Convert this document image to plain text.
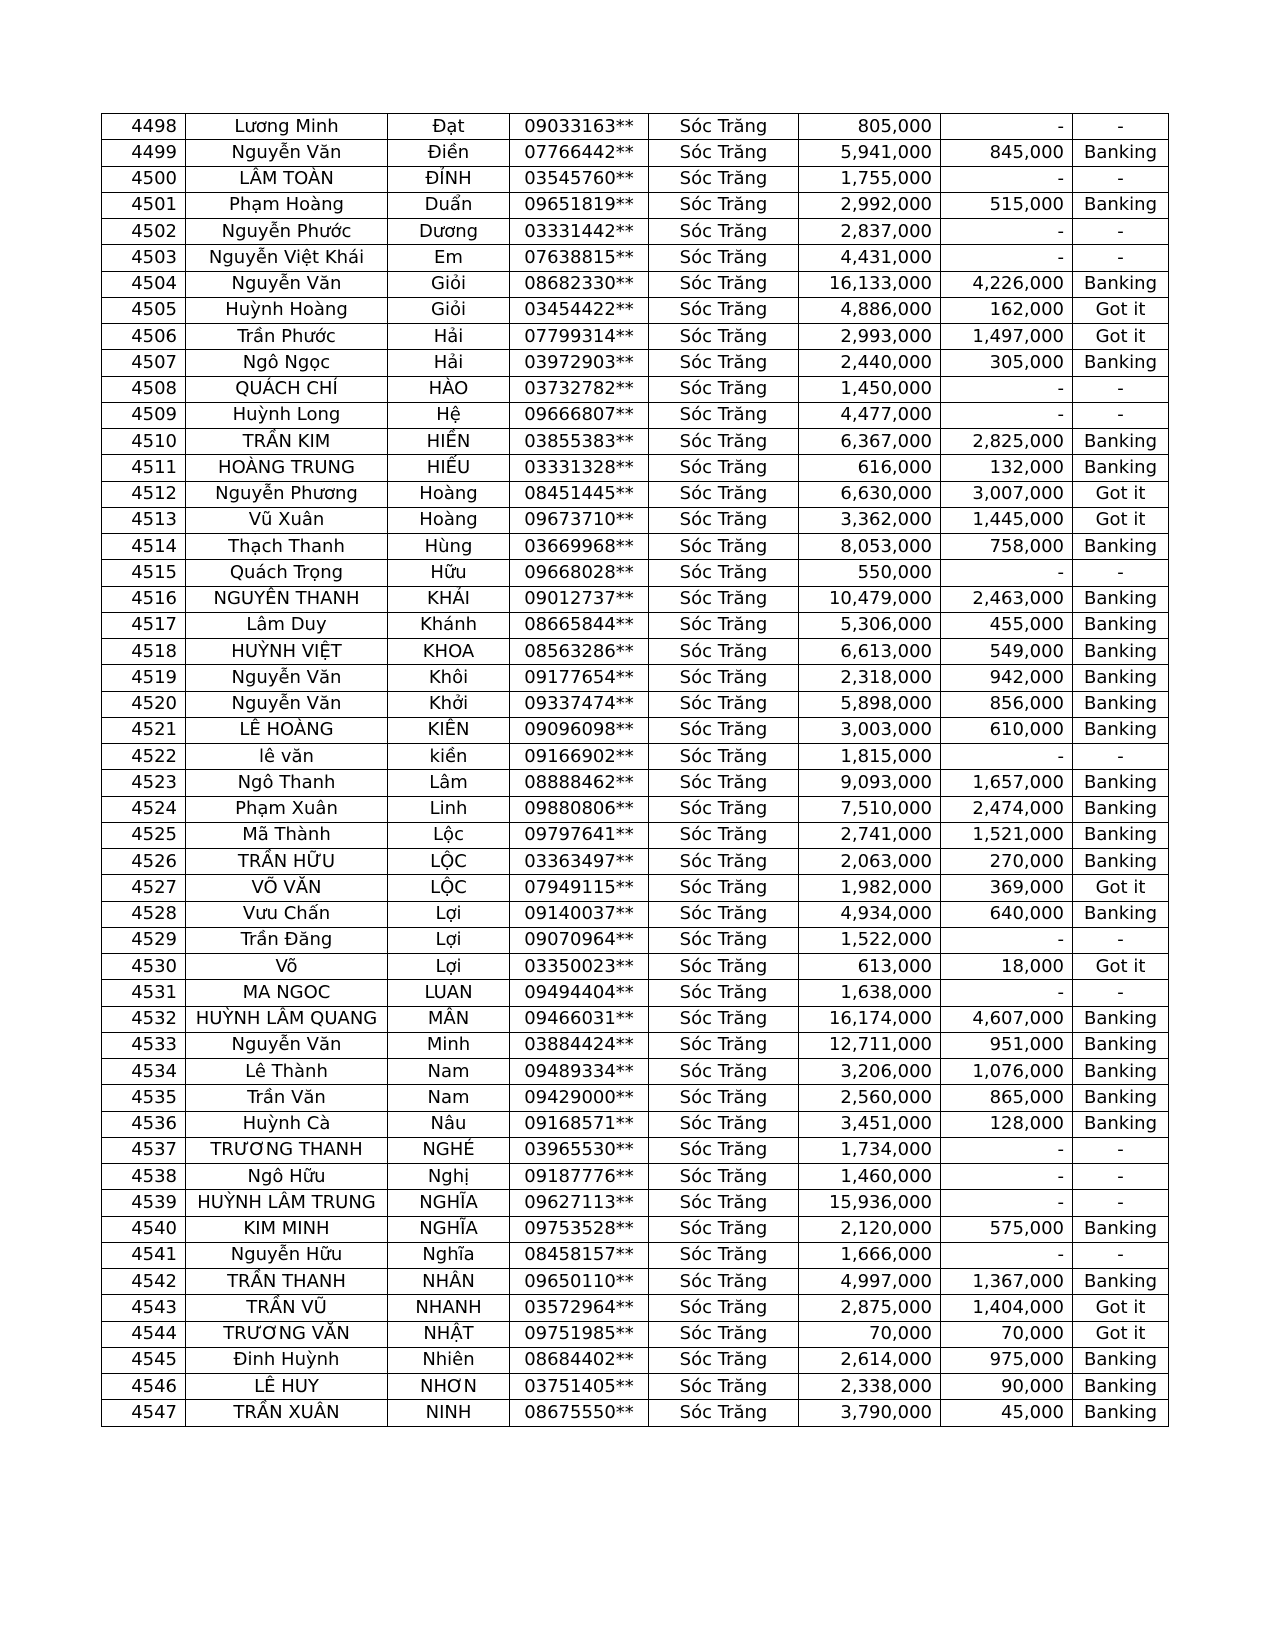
4498	Lương Minh	Đạt	09033163**	Sóc Trăng	805,000	-	-
4499	Nguyễn Văn	Điền	07766442**	Sóc Trăng	5,941,000	845,000	Banking
4500	LÂM TOÀN	ĐỈNH	03545760**	Sóc Trăng	1,755,000	-	-
4501	Phạm Hoàng	Duẩn	09651819**	Sóc Trăng	2,992,000	515,000	Banking
4502	Nguyễn Phước	Dương	03331442**	Sóc Trăng	2,837,000	-	-
4503	Nguyễn Việt Khái	Em	07638815**	Sóc Trăng	4,431,000	-	-
4504	Nguyễn Văn	Giỏi	08682330**	Sóc Trăng	16,133,000	4,226,000	Banking
4505	Huỳnh Hoàng	Giỏi	03454422**	Sóc Trăng	4,886,000	162,000	Got it
4506	Trần Phước	Hải	07799314**	Sóc Trăng	2,993,000	1,497,000	Got it
4507	Ngô Ngọc	Hải	03972903**	Sóc Trăng	2,440,000	305,000	Banking
4508	QUÁCH CHÍ	HÀO	03732782**	Sóc Trăng	1,450,000	-	-
4509	Huỳnh Long	Hệ	09666807**	Sóc Trăng	4,477,000	-	-
4510	TRẦN KIM	HIỀN	03855383**	Sóc Trăng	6,367,000	2,825,000	Banking
4511	HOÀNG TRUNG	HIẾU	03331328**	Sóc Trăng	616,000	132,000	Banking
4512	Nguyễn Phương	Hoàng	08451445**	Sóc Trăng	6,630,000	3,007,000	Got it
4513	Vũ Xuân	Hoàng	09673710**	Sóc Trăng	3,362,000	1,445,000	Got it
4514	Thạch Thanh	Hùng	03669968**	Sóc Trăng	8,053,000	758,000	Banking
4515	Quách Trọng	Hữu	09668028**	Sóc Trăng	550,000	-	-
4516	NGUYỄN THANH	KHẢI	09012737**	Sóc Trăng	10,479,000	2,463,000	Banking
4517	Lâm Duy	Khánh	08665844**	Sóc Trăng	5,306,000	455,000	Banking
4518	HUỲNH VIỆT	KHOA	08563286**	Sóc Trăng	6,613,000	549,000	Banking
4519	Nguyễn Văn	Khôi	09177654**	Sóc Trăng	2,318,000	942,000	Banking
4520	Nguyễn Văn	Khởi	09337474**	Sóc Trăng	5,898,000	856,000	Banking
4521	LÊ HOÀNG	KIÊN	09096098**	Sóc Trăng	3,003,000	610,000	Banking
4522	lê văn	kiền	09166902**	Sóc Trăng	1,815,000	-	-
4523	Ngô Thanh	Lâm	08888462**	Sóc Trăng	9,093,000	1,657,000	Banking
4524	Phạm Xuân	Linh	09880806**	Sóc Trăng	7,510,000	2,474,000	Banking
4525	Mã Thành	Lộc	09797641**	Sóc Trăng	2,741,000	1,521,000	Banking
4526	TRẦN HỮU	LỘC	03363497**	Sóc Trăng	2,063,000	270,000	Banking
4527	VÕ VĂN	LỘC	07949115**	Sóc Trăng	1,982,000	369,000	Got it
4528	Vưu Chấn	Lợi	09140037**	Sóc Trăng	4,934,000	640,000	Banking
4529	Trần Đăng	Lợi	09070964**	Sóc Trăng	1,522,000	-	-
4530	Võ	Lợi	03350023**	Sóc Trăng	613,000	18,000	Got it
4531	MA NGOC	LUAN	09494404**	Sóc Trăng	1,638,000	-	-
4532	HUỲNH LÂM QUANG	MẪN	09466031**	Sóc Trăng	16,174,000	4,607,000	Banking
4533	Nguyễn Văn	Minh	03884424**	Sóc Trăng	12,711,000	951,000	Banking
4534	Lê Thành	Nam	09489334**	Sóc Trăng	3,206,000	1,076,000	Banking
4535	Trần Văn	Nam	09429000**	Sóc Trăng	2,560,000	865,000	Banking
4536	Huỳnh Cà	Nâu	09168571**	Sóc Trăng	3,451,000	128,000	Banking
4537	TRƯƠNG THANH	NGHÉ	03965530**	Sóc Trăng	1,734,000	-	-
4538	Ngô Hữu	Nghị	09187776**	Sóc Trăng	1,460,000	-	-
4539	HUỲNH LÂM TRUNG	NGHĨA	09627113**	Sóc Trăng	15,936,000	-	-
4540	KIM MINH	NGHĨA	09753528**	Sóc Trăng	2,120,000	575,000	Banking
4541	Nguyễn Hữu	Nghĩa	08458157**	Sóc Trăng	1,666,000	-	-
4542	TRẦN THANH	NHÂN	09650110**	Sóc Trăng	4,997,000	1,367,000	Banking
4543	TRẦN VŨ	NHANH	03572964**	Sóc Trăng	2,875,000	1,404,000	Got it
4544	TRƯƠNG VĂN	NHẬT	09751985**	Sóc Trăng	70,000	70,000	Got it
4545	Đinh Huỳnh	Nhiên	08684402**	Sóc Trăng	2,614,000	975,000	Banking
4546	LÊ HUY	NHƠN	03751405**	Sóc Trăng	2,338,000	90,000	Banking
4547	TRẦN XUÂN	NINH	08675550**	Sóc Trăng	3,790,000	45,000	Banking
